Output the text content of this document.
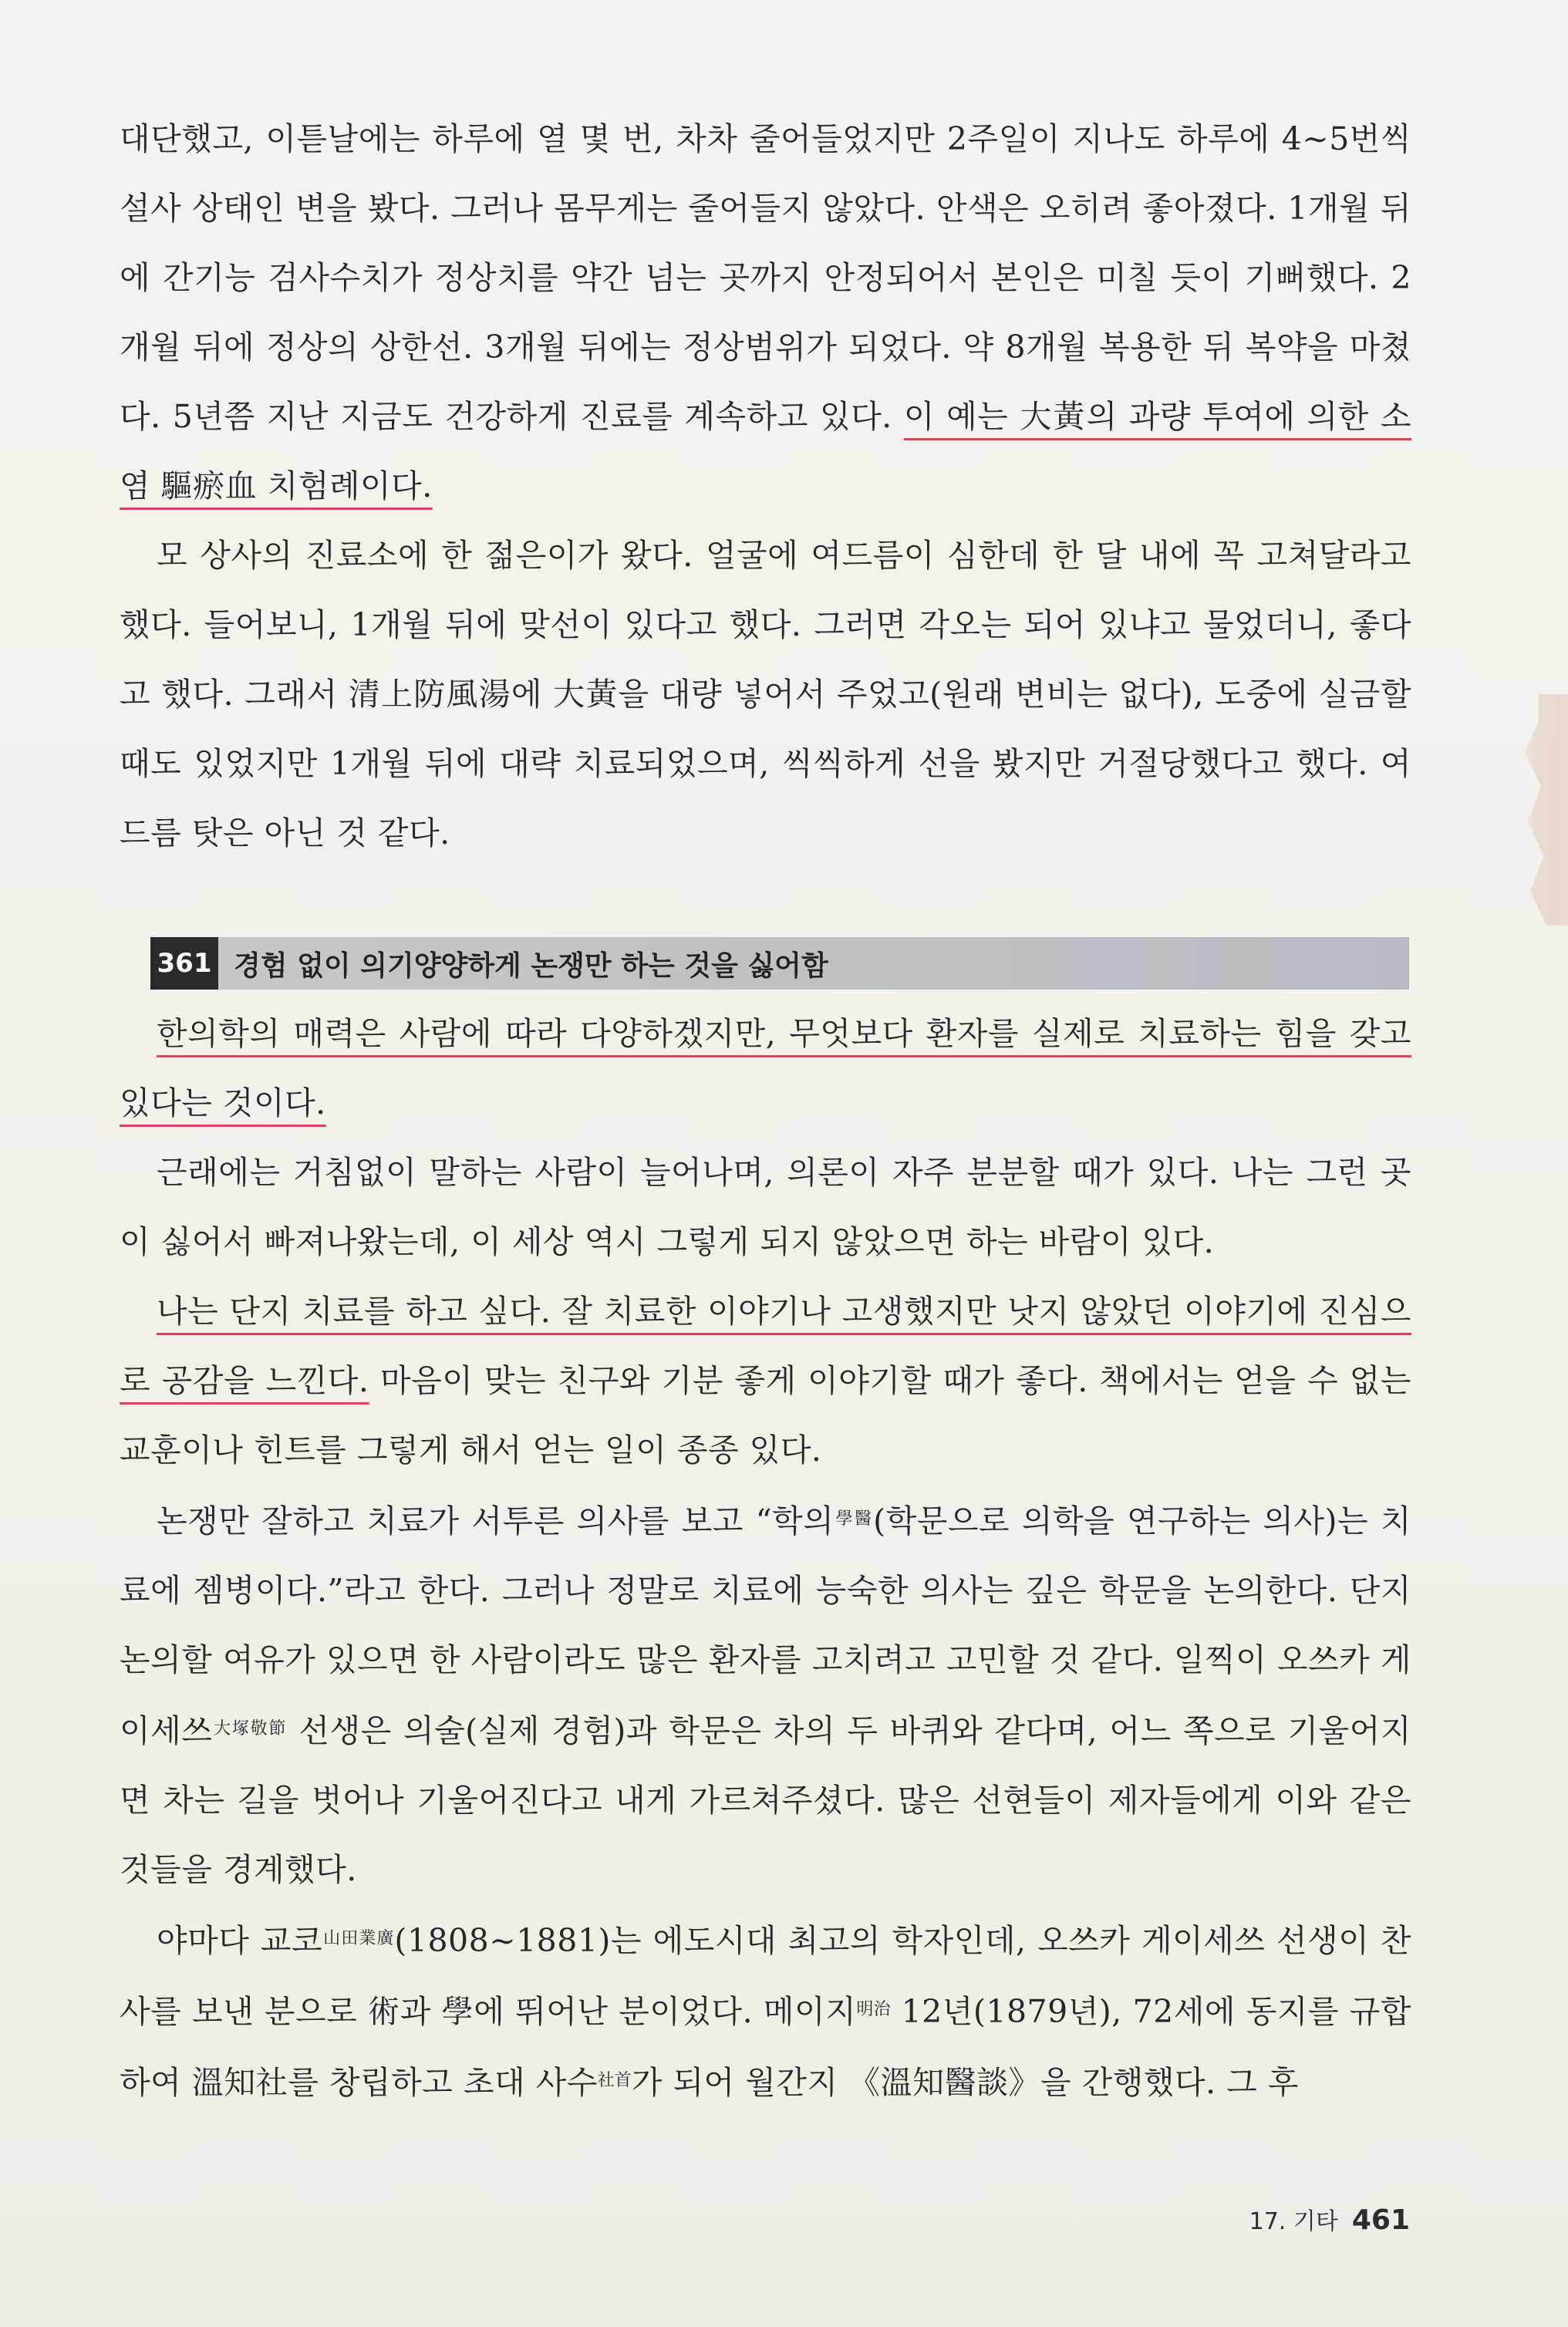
대단했고, 이튿날에는 하루에 열 몇 번, 차차 줄어들었지만 2주일이 지나도 하루에 4∼5번씩 설사 상태인 변을 봤다. 그러나 몸무게는 줄어들지 않았다. 안색은 오히려 좋아졌다. 1개월 뒤에 간기능 검사수치가 정상치를 약간 넘는 곳까지 안정되어서 본인은 미칠 듯이 기뻐했다. 2개월 뒤에 정상의 상한선. 3개월 뒤에는 정상범위가 되었다. 약 8개월 복용한 뒤 복약을 마쳤다. 5년쯤 지난 지금도 건강하게 진료를 계속하고 있다. 이 예는 大黃의 과량 투여에 의한 소염 驅瘀血 치험례이다.

모 상사의 진료소에 한 젊은이가 왔다. 얼굴에 여드름이 심한데 한 달 내에 꼭 고쳐달라고 했다. 들어보니, 1개월 뒤에 맞선이 있다고 했다. 그러면 각오는 되어 있냐고 물었더니, 좋다고 했다. 그래서 清上防風湯에 大黃을 대량 넣어서 주었고(원래 변비는 없다), 도중에 실금할 때도 있었지만 1개월 뒤에 대략 치료되었으며, 씩씩하게 선을 봤지만 거절당했다고 했다. 여드름 탓은 아닌 것 같다.

361 경험 없이 의기양양하게 논쟁만 하는 것을 싫어함

한의학의 매력은 사람에 따라 다양하겠지만, 무엇보다 환자를 실제로 치료하는 힘을 갖고 있다는 것이다.

근래에는 거침없이 말하는 사람이 늘어나며, 의론이 자주 분분할 때가 있다. 나는 그런 곳이 싫어서 빠져나왔는데, 이 세상 역시 그렇게 되지 않았으면 하는 바람이 있다.

나는 단지 치료를 하고 싶다. 잘 치료한 이야기나 고생했지만 낫지 않았던 이야기에 진심으로 공감을 느낀다. 마음이 맞는 친구와 기분 좋게 이야기할 때가 좋다. 책에서는 얻을 수 없는 교훈이나 힌트를 그렇게 해서 얻는 일이 종종 있다.

논쟁만 잘하고 치료가 서투른 의사를 보고 “학의$^{學醫}$(학문으로 의학을 연구하는 의사)는 치료에 젬병이다.”라고 한다. 그러나 정말로 치료에 능숙한 의사는 깊은 학문을 논의한다. 단지 논의할 여유가 있으면 한 사람이라도 많은 환자를 고치려고 고민할 것 같다. 일찍이 오쓰카 게이세쓰$^{大塚敬節}$ 선생은 의술(실제 경험)과 학문은 차의 두 바퀴와 같다며, 어느 쪽으로 기울어지면 차는 길을 벗어나 기울어진다고 내게 가르쳐주셨다. 많은 선현들이 제자들에게 이와 같은 것들을 경계했다.

야마다 교코$^{山田業廣}$(1808∼1881)는 에도시대 최고의 학자인데, 오쓰카 게이세쓰 선생이 찬사를 보낸 분으로 術과 學에 뛰어난 분이었다. 메이지$^{明治}$ 12년(1879년), 72세에 동지를 규합하여 溫知社를 창립하고 초대 사수$^{社首}$가 되어 월간지 《溫知醫談》을 간행했다. 그 후

17. 기타 461
